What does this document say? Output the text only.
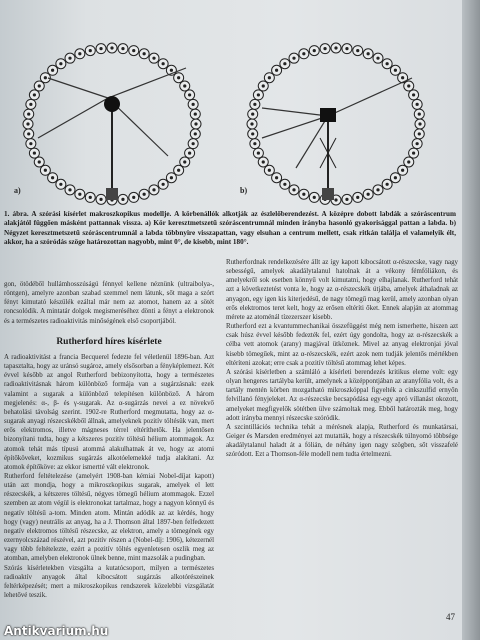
a)	b)
1. ábra. A szórási kísérlet makroszkopikus modellje. A körbenállók alkotják az észlelőberendezést. A középre dobott labdák a szóráscentrum alakjától függően másként pattannak vissza. a) Kör keresztmetszetű szóráscentrumnál minden irányba hasonló gyakorisággal pattan a labda. b) Négyzet keresztmetszetű szóráscentrumnál a labda többnyire visszapattan, vagy elsuhan a centrum mellett, csak ritkán találja el valamelyik élt, akkor, ha a szóródás szöge határozottan nagyobb, mint 0°, de kisebb, mint 180°.

gon, ötödéből hullámhosszúságú fénnyel kellene néznünk (ultraibolya-, röntgen), amelyre azonban szabad szemmel nem látunk, sőt maga a szórt fényt kimutató készülék ezáltal már nem az atomot, hanem az a sötét roncsolódik. A mintatár dolgok megismeréséhez dönti a fényt a elektronok és a természetes radioaktivitás minőségének első csoportjából.

Rutherford híres kísérlete

A radioaktivitást a francia Becquerel fedezte fel véletlenül 1896-ban. Azt tapasztalta, hogy az uránsó sugároz, amely elsősorban a fényképlemezt. Két évvel később az angol Rutherford bebizonyította, hogy a természetes radioaktivitásnak három különböző formája van a sugárzásnak: ezek valamint a sugarak a különböző telepítésen különböző. A három megjelenés: α-, β- és γ-sugarak. Az α-sugárzás nevei a ez növekvő behatolási távolság szerint. 1902-re Rutherford megmutatta, hogy az α-sugarak anyagi részecskékből állnak, amelyeknek pozitív töltésük van, mert erős elektromos, illetve mágneses térrel eltéríthetők. Ha jelentősen bizonyítani tudta, hogy a kétszeres pozitív töltésű hélium atommagok. Az atomok tehát más típusú atommá alakulhatnak át ve, hogy az atomi építőköveket, kozmikus sugárzás alkotóelemekké tudja alakítani. Az atomok építőköve: az ekkor ismertté vált elektronok.

Rutherford feltételezése (amelyért 1908-ban kémiai Nobel-díjat kapott) után azt mondja, hogy a mikroszkopikus sugarak, amelyek el lett részecskék, a kétszeres töltésű, négyes tömegű hélium atommagok. Ezzel szemben az atom végül is elektronokat tartalmaz, hogy a nagyon könnyű és negatív töltésű a-tom. Minden atom. Mintán adódik az az kérdés, hogy hogy (vagy) neutrális az anyag, ha a J. Thomson által 1897-ben felfedezett negatív elektromos töltésű részecske, az elektron, amely a tömegének egy ezernyolcszázad részével, azt pozitív részen a (Nobel-díj: 1906), kétezernél vagy több feltételezte, ezért a pozitív töltés egyenletesen oszlik meg az atomban, amelyben elektronok ülnek benne, mint mazsolák a pudingban.

Szórás kísérletekben vizsgálta a kutatócsoport, milyen a természetes radioaktív anyagok által kibocsátott sugárzás alkotórészeinek feltérképezését; mert a mikroszkopikus rendszerek közelebbi vizsgálatát lehetővé teszik.

Rutherfordnak rendelkezésére állt az így kapott kibocsátott α-részecske, vagy nagy sebességű, amelyek akadálytalanul hatolnak át a vékony fémfóliákon, és amelyekről sok esetben könnyű volt kimutatni, hogy elhajlanak. Rutherford tehát azt a következtetést vonta le, hogy az α-részecskék útjába, amelyek áthaladnak az anyagon, egy igen kis kiterjedésű, de nagy tömegű mag kerül, amely azonban olyan erős elektromos teret kelt, hogy az erősen eltéríti őket. Ennek alapján az atommag mérete az atoménál tízezerszer kisebb.

Rutherford ezt a kvantummechanikai összefüggést még nem ismerhette, hiszen azt csak húsz évvel később fedezték fel, ezért úgy gondolta, hogy az α-részecskék a célba vett atomok (arany) magjával ütköznek. Mivel az anyag elektronjai jóval kisebb tömegűek, mint az α-részecskék, ezért azok nem tudják jelentős mértékben eltéríteni azokat; erre csak a pozitív töltésű atommag lehet képes.

A szórási kísérletben a számláló a kísérleti berendezés kritikus eleme volt: egy olyan hengeres tartályba került, amelynek a középpontjában az aranyfólia volt, és a tartály mentén körben mozgatható mikroszkóppal figyelték a cinkszulfid ernyőn felvillanó fényjeleket. Az α-részecske becsapódása egy-egy apró villanást okozott, amelyeket megfigyelők sötétben ülve számoltak meg. Ebből határozták meg, hogy adott irányba mennyi részecske szóródik.

A szcintillációs technika tehát a mérésnek alapja, Rutherford és munkatársai, Geiger és Marsden eredményei azt mutatták, hogy a részecskék túlnyomó többsége akadálytalanul haladt át a fólián, de néhány igen nagy szögben, sőt visszafelé szóródott. Ezt a Thomson-féle modell nem tudta értelmezni.

47
Antikvarium.hu
